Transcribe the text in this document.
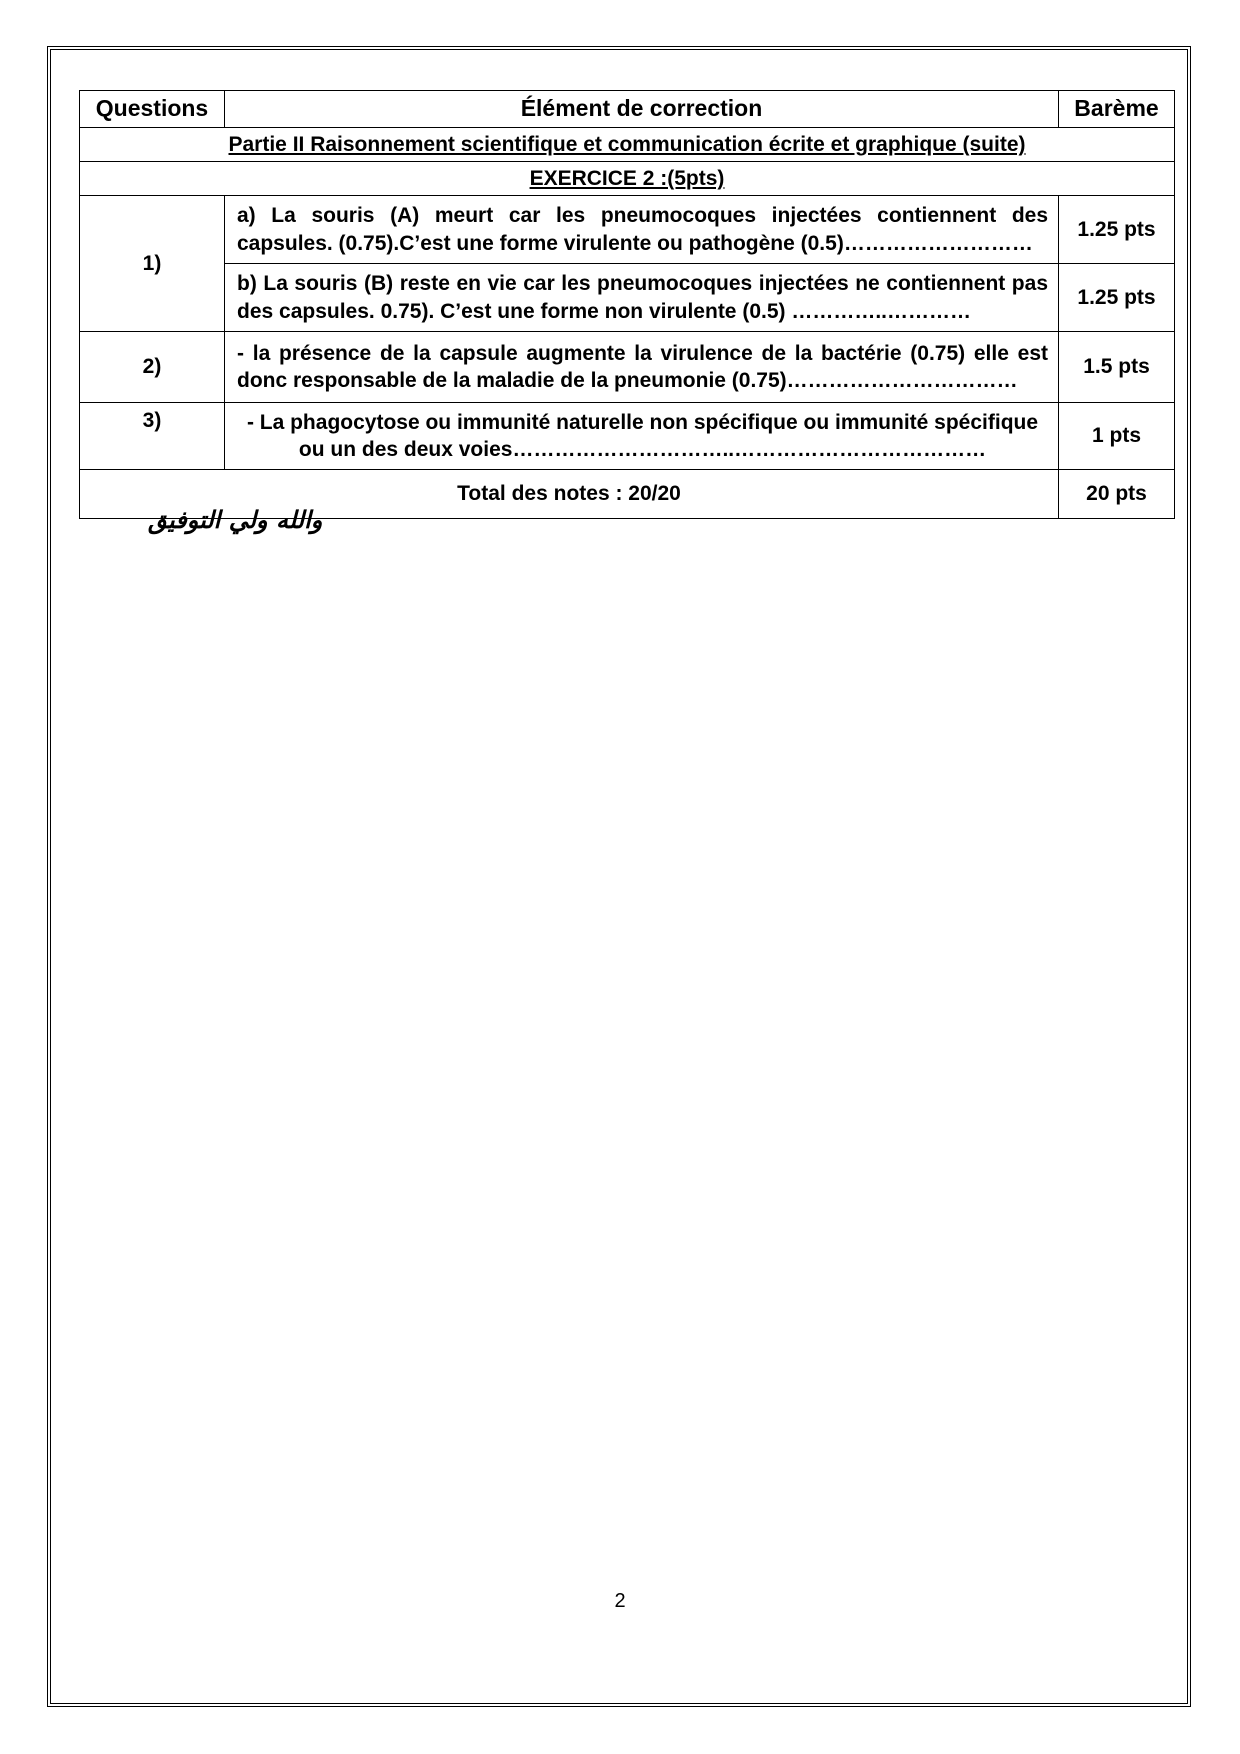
Questions	Élément de correction	Barème
Partie II Raisonnement scientifique et communication écrite et graphique (suite)		
EXERCICE 2 :(5pts)		
1)	a) La souris (A) meurt car les pneumocoques injectées contiennent des capsules. (0.75).C’est une forme virulente ou pathogène (0.5)………………………	1.25 pts
	b) La souris (B) reste en vie car les pneumocoques injectées ne contiennent pas des capsules. 0.75). C’est une forme non virulente (0.5) …………..…………	1.25 pts
2)	- la présence de la capsule augmente la virulence de la bactérie (0.75) elle est donc responsable de la maladie de la pneumonie (0.75)……………………………	1.5 pts
3)	- La phagocytose ou immunité naturelle non spécifique ou immunité spécifique ou un des deux voies…………………………..………………………………	1 pts
Total des notes : 20/20		20 pts
والله ولي التوفيق
2
